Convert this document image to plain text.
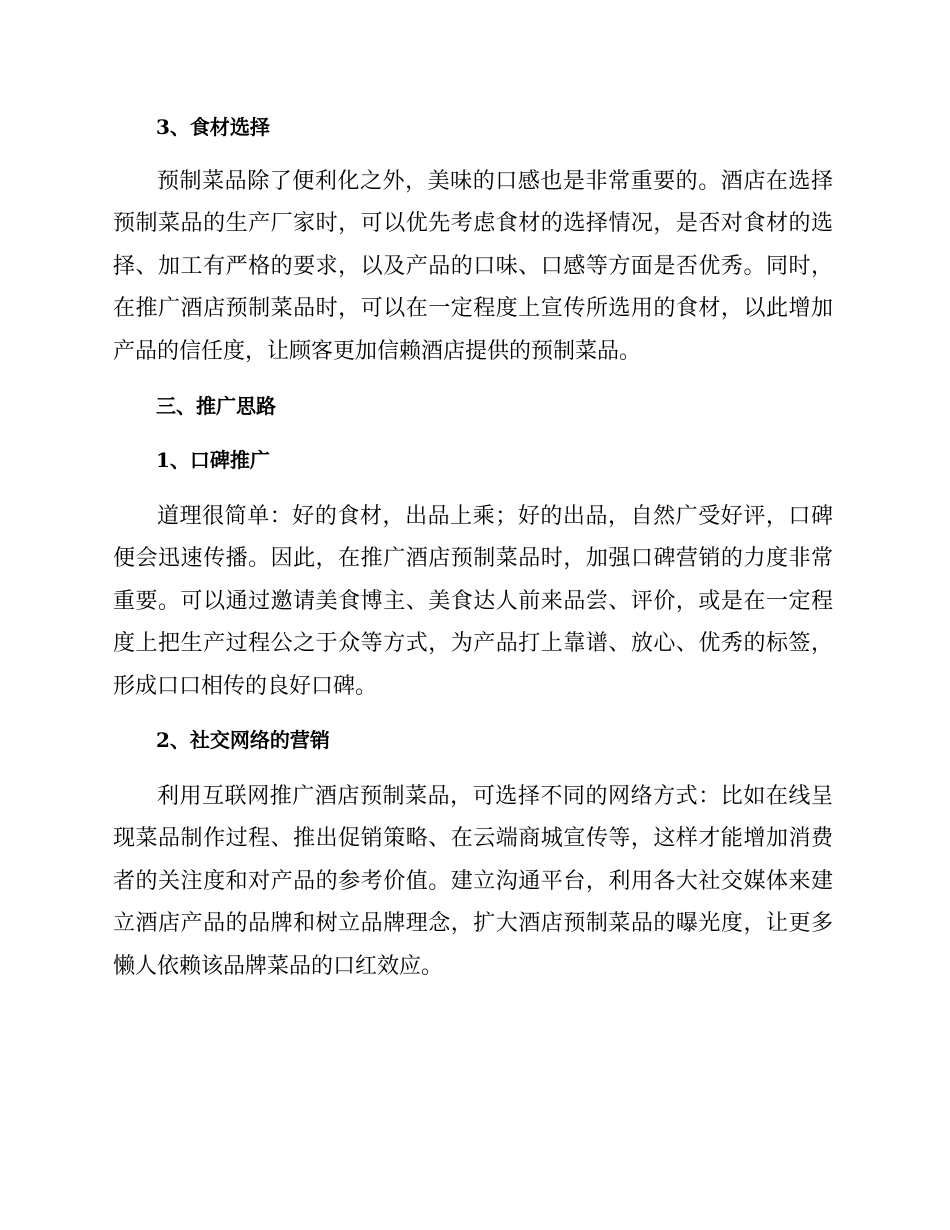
3、食材选择

预制菜品除了便利化之外，美味的口感也是非常重要的。酒店在选择预制菜品的生产厂家时，可以优先考虑食材的选择情况，是否对食材的选择、加工有严格的要求，以及产品的口味、口感等方面是否优秀。同时，在推广酒店预制菜品时，可以在一定程度上宣传所选用的食材，以此增加产品的信任度，让顾客更加信赖酒店提供的预制菜品。

三、推广思路
1、口碑推广

道理很简单：好的食材，出品上乘；好的出品，自然广受好评，口碑便会迅速传播。因此，在推广酒店预制菜品时，加强口碑营销的力度非常重要。可以通过邀请美食博主、美食达人前来品尝、评价，或是在一定程度上把生产过程公之于众等方式，为产品打上靠谱、放心、优秀的标签，形成口口相传的良好口碑。

2、社交网络的营销

利用互联网推广酒店预制菜品，可选择不同的网络方式：比如在线呈现菜品制作过程、推出促销策略、在云端商城宣传等，这样才能增加消费者的关注度和对产品的参考价值。建立沟通平台，利用各大社交媒体来建立酒店产品的品牌和树立品牌理念，扩大酒店预制菜品的曝光度，让更多懒人依赖该品牌菜品的口红效应。
